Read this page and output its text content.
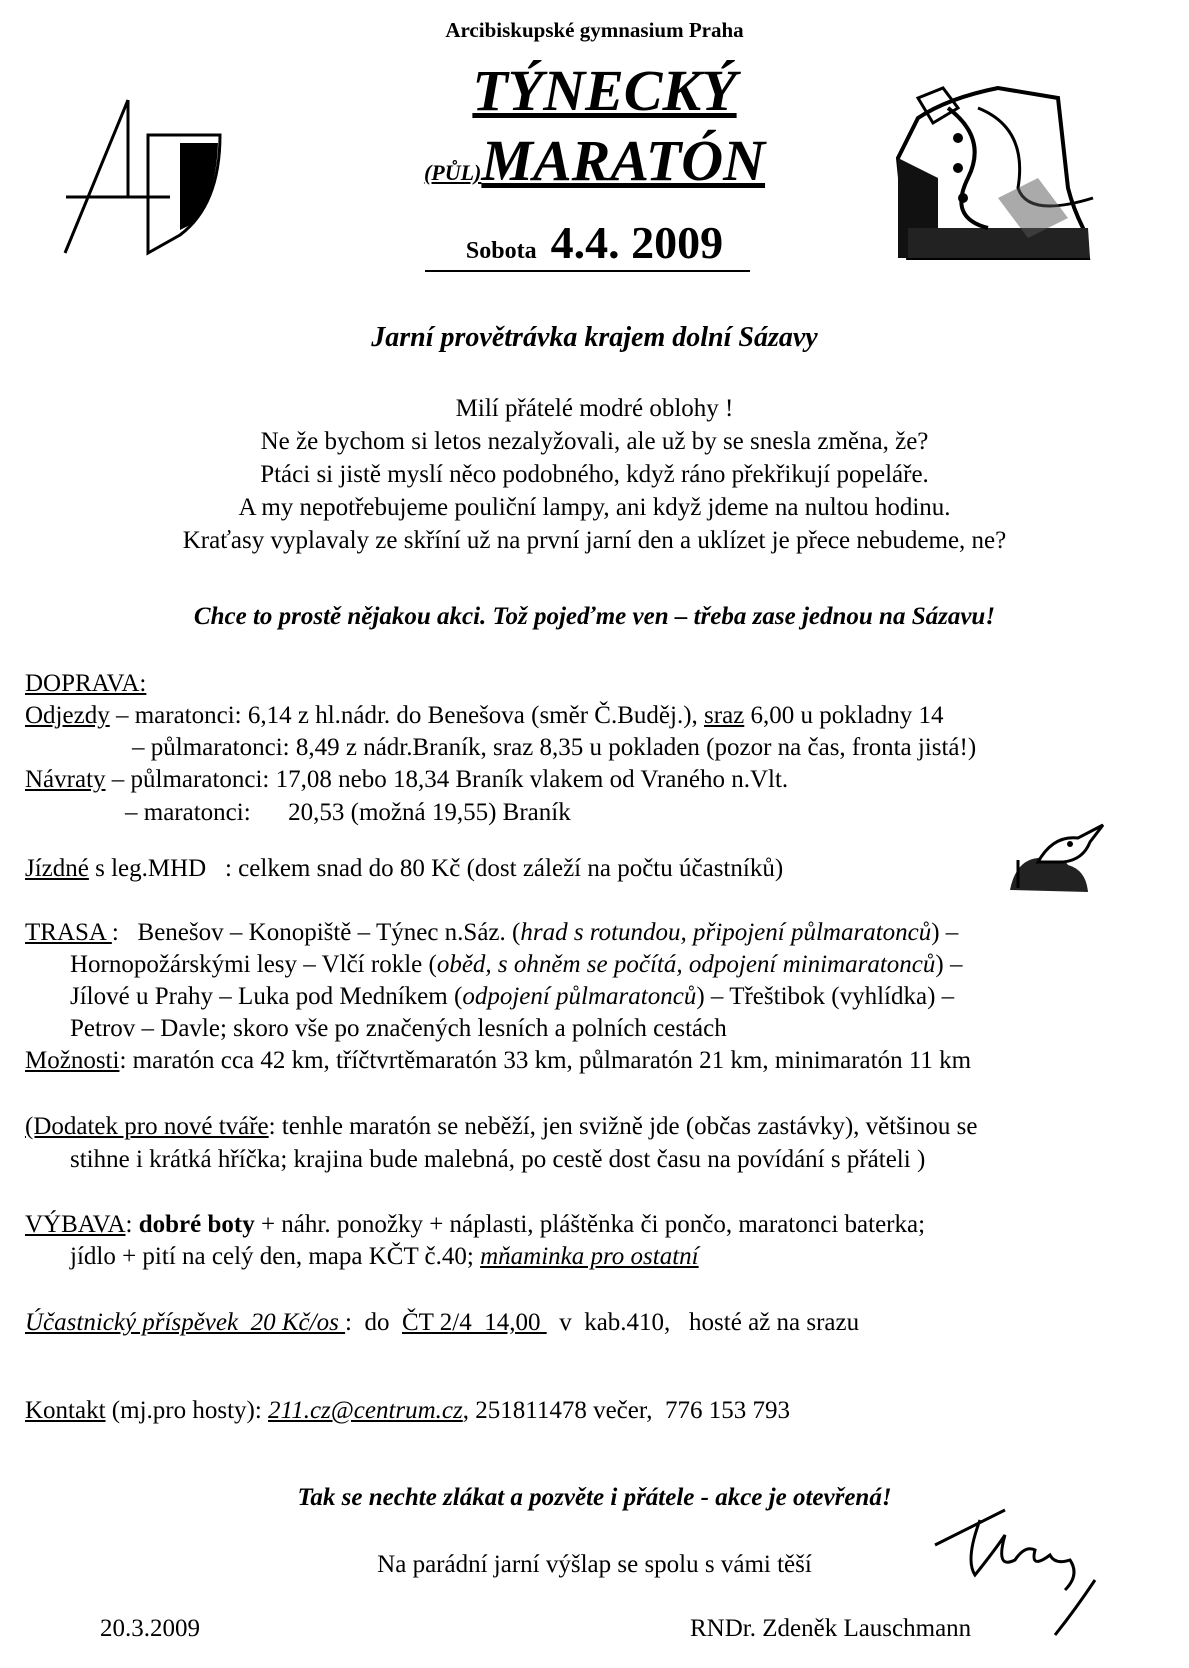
Arcibiskupské gymnasium Praha
TÝNECKÝ
(PŮL)MARATÓN
Sobota 4.4. 2009
Jarní provětrávka krajem dolní Sázavy
Milí přátelé modré oblohy !
Ne že bychom si letos nezalyžovali, ale už by se snesla změna, že?
Ptáci si jistě myslí něco podobného, když ráno překřikují popeláře.
A my nepotřebujeme pouliční lampy, ani když jdeme na nultou hodinu.
Kraťasy vyplavaly ze skříní už na první jarní den a uklízet je přece nebudeme, ne?
Chce to prostě nějakou akci. Tož pojeďme ven – třeba zase jednou na Sázavu!
DOPRAVA:
Odjezdy – maratonci: 6,14 z hl.nádr. do Benešova (směr Č.Buděj.), sraz 6,00 u pokladny 14
– půlmaratonci: 8,49 z nádr.Braník, sraz 8,35 u pokladen (pozor na čas, fronta jistá!)
Návraty – půlmaratonci: 17,08 nebo 18,34 Braník vlakem od Vraného n.Vlt.
– maratonci:      20,53 (možná 19,55) Braník
Jízdné s leg.MHD   : celkem snad do 80 Kč (dost záleží na počtu účastníků)
TRASA :   Benešov – Konopiště – Týnec n.Sáz. (hrad s rotundou, připojení půlmaratonců) –
Hornopožárskými lesy – Vlčí rokle (oběd, s ohněm se počítá, odpojení minimaratonců) –
Jílové u Prahy – Luka pod Medníkem (odpojení půlmaratonců) – Třeštibok (vyhlídka) –
Petrov – Davle; skoro vše po značených lesních a polních cestách
Možnosti: maratón cca 42 km, tříčtvrtěmaratón 33 km, půlmaratón 21 km, minimaratón 11 km
(Dodatek pro nové tváře: tenhle maratón se neběží, jen svižně jde (občas zastávky), většinou se
stihne i krátká hříčka; krajina bude malebná, po cestě dost času na povídání s přáteli )
VÝBAVA: dobré boty + náhr. ponožky + náplasti, pláštěnka či pončo, maratonci baterka;
jídlo + pití na celý den, mapa KČT č.40; mňaminka pro ostatní
Účastnický příspěvek  20 Kč/os :  do  ČT 2/4  14,00   v  kab.410,   hosté až na srazu
Kontakt (mj.pro hosty): 211.cz@centrum.cz, 251811478 večer,  776 153 793
Tak se nechte zlákat a pozvěte i přátele - akce je otevřená!
Na parádní jarní výšlap se spolu s vámi těší
20.3.2009	RNDr. Zdeněk Lauschmann
